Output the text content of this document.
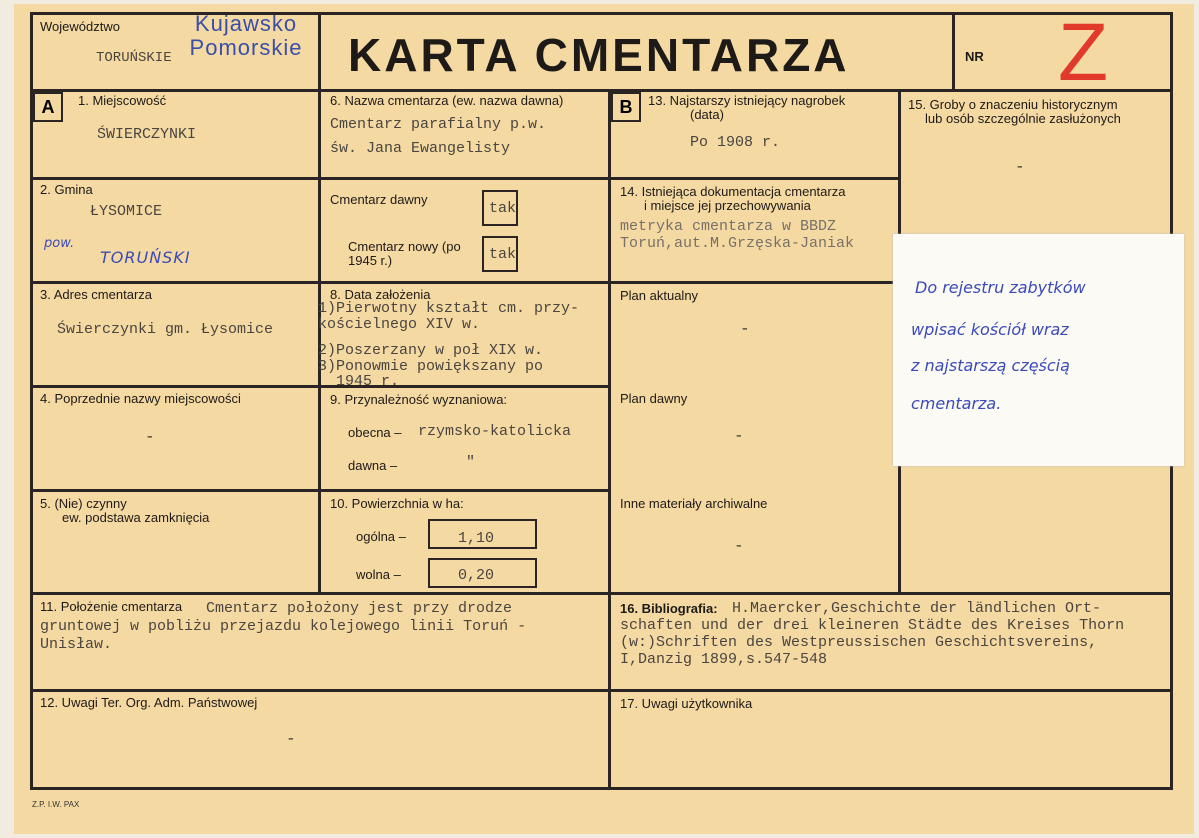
Województwo
TORUŃSKIE
Kujawsko Pomorskie KARTA CMENTARZA	NR Z
A	B
1. Miejscowość
ŚWIERCZYNKI
2. Gmina
ŁYSOMICE
pow.
TORUŃSKI
3. Adres cmentarza
Świerczynki gm. Łysomice
4. Poprzednie nazwy miejscowości
-
5. (Nie) czynny
ew. podstawa zamknięcia
6. Nazwa cmentarza (ew. nazwa dawna)
Cmentarz parafialny p.w.
św. Jana Ewangelisty
Cmentarz dawny
tak
Cmentarz nowy (po 1945 r.)	tak
8. Data założenia
1)Pierwotny kształt cm. przy-
kościelnego XIV w.
2)Poszerzany w poł XIX w.
3)Ponowmie powiększany po
1945 r.
9. Przynależność wyznaniowa:
obecna – rzymsko-katolicka
dawna –	"
10. Powierzchnia w ha:
ogólna –	1,10
wolna –	0,20
13. Najstarszy istniejący nagrobek
(data)
Po 1908 r.
14. Istniejąca dokumentacja cmentarza
i miejsce jej przechowywania
metryka cmentarza w BBDZ
Toruń,aut.M.Grzęska-Janiak
Plan aktualny
-
Plan dawny
-
Inne materiały archiwalne
-
15. Groby o znaczeniu historycznym
lub osób szczególnie zasłużonych
-
Do rejestru zabytków
wpisać kościół wraz
z najstarszą częścią
cmentarza.
11. Położenie cmentarza Cmentarz położony jest przy drodze
gruntowej w pobliżu przejazdu kolejowego linii Toruń -
Unisław.
16. Bibliografia: H.Maercker,Geschichte der ländlichen Ort-
schaften und der drei kleineren Städte des Kreises Thorn
(w:)Schriften des Westpreussischen Geschichtsvereins,
I,Danzig 1899,s.547-548
12. Uwagi Ter. Org. Adm. Państwowej
-
17. Uwagi użytkownika
Z.P. I.W. PAX
